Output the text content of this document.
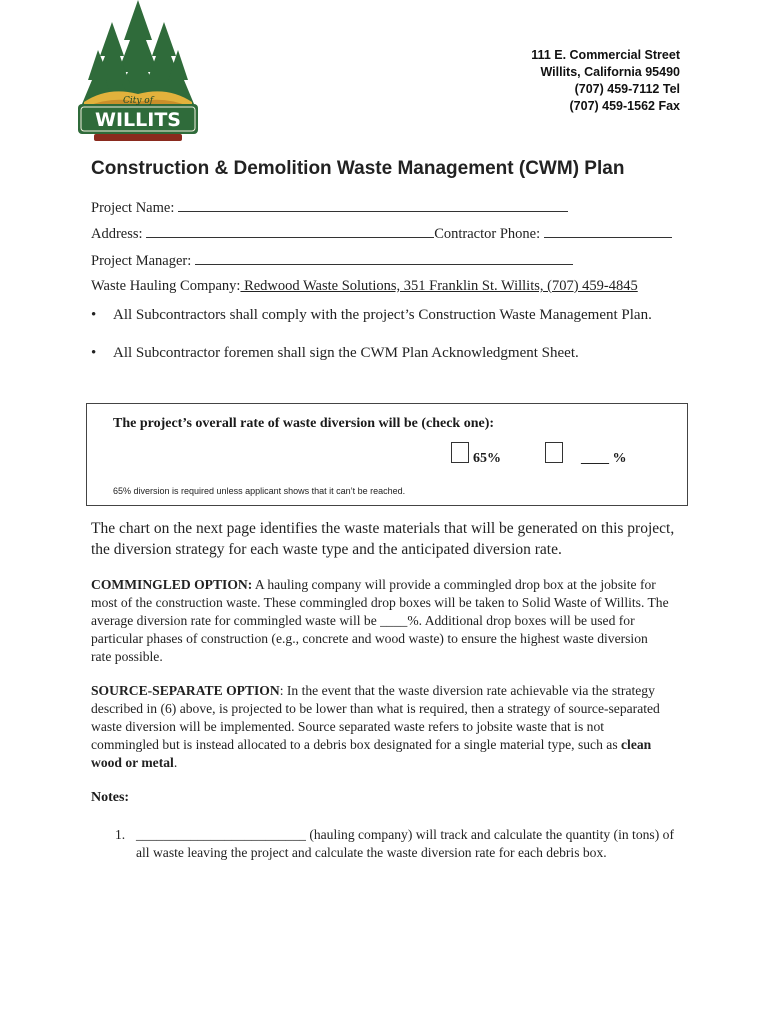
City of
WILLITS
111 E. Commercial Street
Willits, California 95490
(707) 459-7112 Tel
(707) 459-1562 Fax
Construction & Demolition Waste Management (CWM) Plan
Project Name:
Address:	Contractor Phone:
Project Manager:
Waste Hauling Company: Redwood Waste Solutions, 351 Franklin St. Willits, (707) 459-4845
• All Subcontractors shall comply with the project’s Construction Waste Management Plan.
• All Subcontractor foremen shall sign the CWM Plan Acknowledgment Sheet.
The project’s overall rate of waste diversion will be (check one):
65%	____ %
65% diversion is required unless applicant shows that it can’t be reached.
The chart on the next page identifies the waste materials that will be generated on this project, the diversion strategy for each waste type and the anticipated diversion rate.
COMMINGLED OPTION: A hauling company will provide a commingled drop box at the jobsite for most of the construction waste. These commingled drop boxes will be taken to Solid Waste of Willits. The average diversion rate for commingled waste will be ____%. Additional drop boxes will be used for particular phases of construction (e.g., concrete and wood waste) to ensure the highest waste diversion rate possible.
SOURCE-SEPARATE OPTION: In the event that the waste diversion rate achievable via the strategy described in (6) above, is projected to be lower than what is required, then a strategy of source-separated waste diversion will be implemented. Source separated waste refers to jobsite waste that is not commingled but is instead allocated to a debris box designated for a single material type, such as clean wood or metal.
Notes:
1. _________________________ (hauling company) will track and calculate the quantity (in tons) of all waste leaving the project and calculate the waste diversion rate for each debris box.
